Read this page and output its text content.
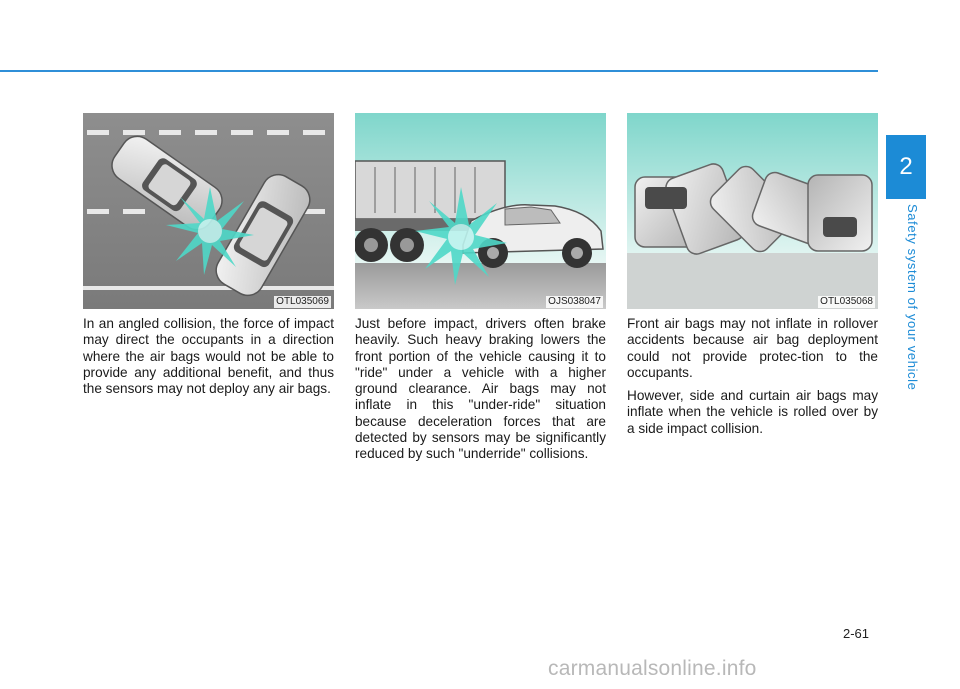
2
Safety system of your vehicle
OTL035069	OJS038047	OTL035068

In an angled collision, the force of impact may direct the occupants in a direction where the air bags would not be able to provide any additional benefit, and thus the sensors may not deploy any air bags.

Just before impact, drivers often brake heavily. Such heavy braking lowers the front portion of the vehicle causing it to "ride" under a vehicle with a higher ground clearance. Air bags may not inflate in this "under-ride" situation because deceleration forces that are detected by sensors may be significantly reduced by such "underride" collisions.

Front air bags may not inflate in rollover accidents because air bag deployment could not provide protec-tion to the occupants.

However, side and curtain air bags may inflate when the vehicle is rolled over by a side impact collision.

2-61
carmanualsonline.info
